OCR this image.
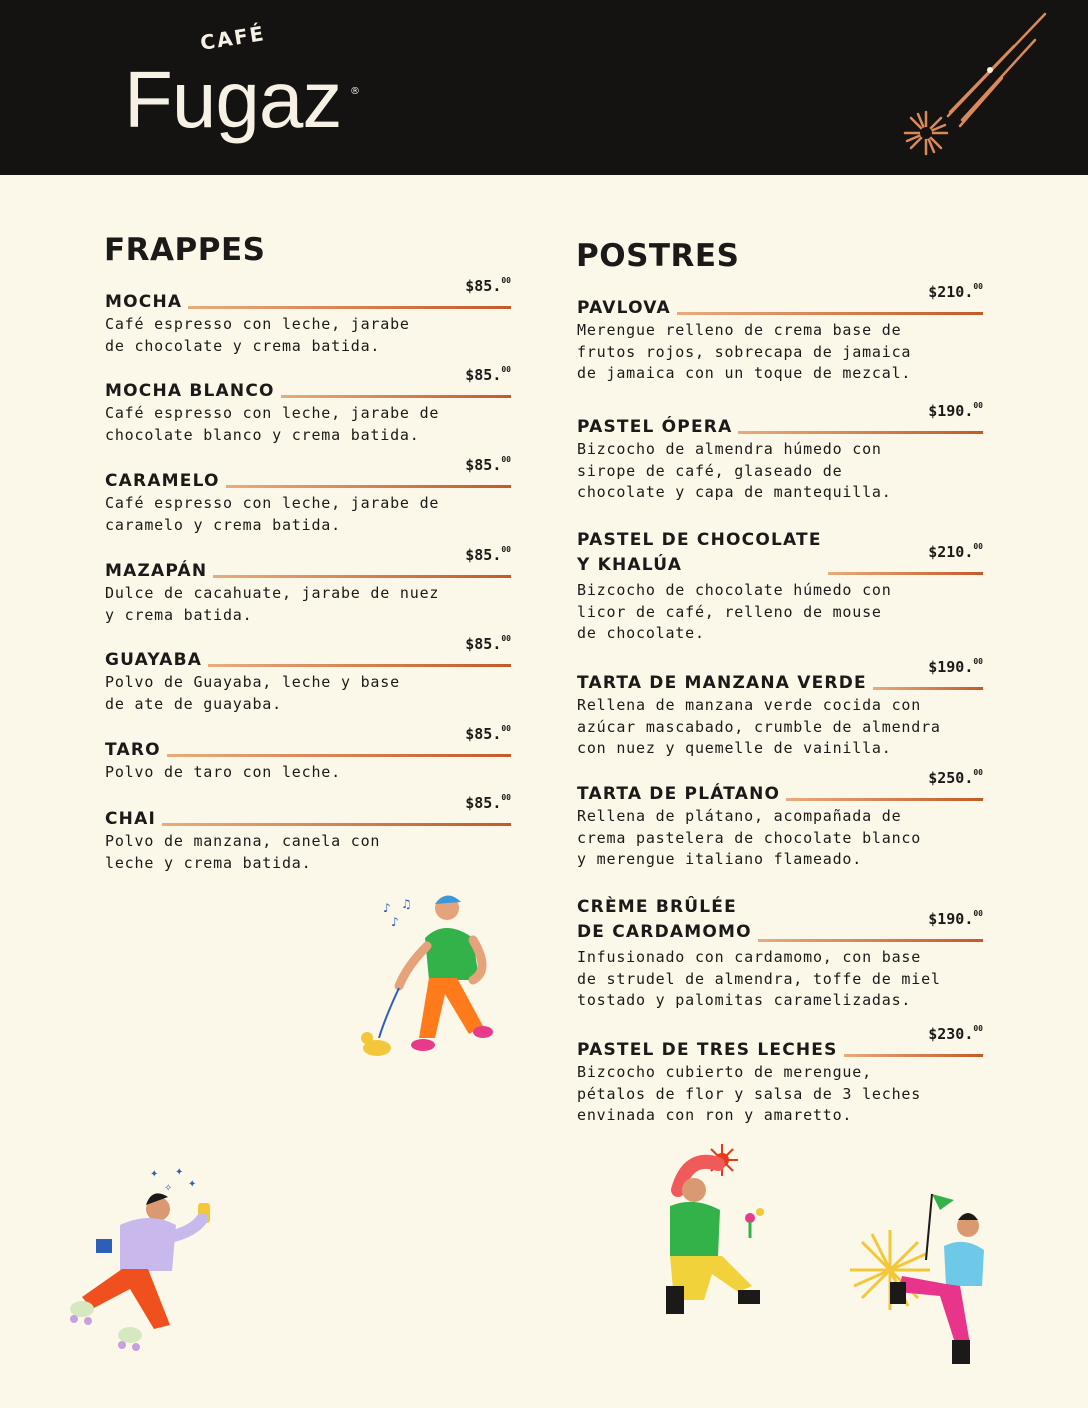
CAFÉ
Fugaz ®
FRAPPES
$85.00
MOCHA

Café espresso con leche, jarabe
de chocolate y crema batida.

$85.00
MOCHA BLANCO

Café espresso con leche, jarabe de
chocolate blanco y crema batida.

$85.00
CARAMELO

Café espresso con leche, jarabe de
caramelo y crema batida.

$85.00
MAZAPÁN

Dulce de cacahuate, jarabe de nuez
y crema batida.

$85.00
GUAYABA

Polvo de Guayaba, leche y base
de ate de guayaba.

$85.00
TARO

Polvo de taro con leche.

$85.00
CHAI

Polvo de manzana, canela con
leche y crema batida.

POSTRES
$210.00
PAVLOVA

Merengue relleno de crema base de
frutos rojos, sobrecapa de jamaica
de jamaica con un toque de mezcal.

$190.00
PASTEL ÓPERA

Bizcocho de almendra húmedo con
sirope de café, glaseado de
chocolate y capa de mantequilla.

$210.00
PASTEL DE CHOCOLATE
Y KHALÚA

Bizcocho de chocolate húmedo con
licor de café, relleno de mouse
de chocolate.

$190.00
TARTA DE MANZANA VERDE

Rellena de manzana verde cocida con
azúcar mascabado, crumble de almendra
con nuez y quemelle de vainilla.

$250.00
TARTA DE PLÁTANO

Rellena de plátano, acompañada de
crema pastelera de chocolate blanco
y merengue italiano flameado.

$190.00
CRÈME BRÛLÉE
DE CARDAMOMO

Infusionado con cardamomo, con base
de strudel de almendra, toffe de miel
tostado y palomitas caramelizadas.

$230.00
PASTEL DE TRES LECHES

Bizcocho cubierto de merengue,
pétalos de flor y salsa de 3 leches
envinada con ron y amaretto.

♪
♪
♫
✦ ✦
✦
✧
